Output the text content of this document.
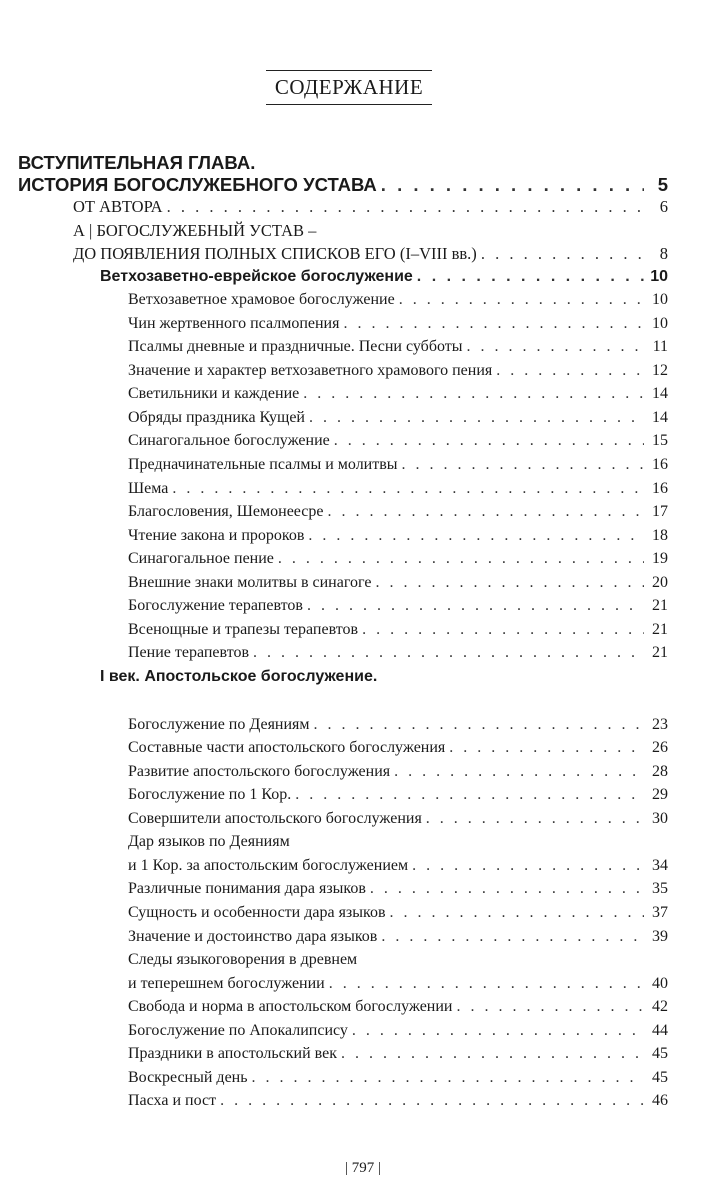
СОДЕРЖАНИЕ
ВСТУПИТЕЛЬНАЯ ГЛАВА.
ИСТОРИЯ БОГОСЛУЖЕБНОГО УСТАВА . . .	5
ОТ АВТОРА . . .	6
А | БОГОСЛУЖЕБНЫЙ УСТАВ –
ДО ПОЯВЛЕНИЯ ПОЛНЫХ СПИСКОВ ЕГО (I–VIII вв.) . . .	8
Ветхозаветно-еврейское богослужение . . .	10
Ветхозаветное храмовое богослужение . . .	10
Чин жертвенного псалмопения . . .	10
Псалмы дневные и праздничные. Песни субботы . . .	11
Значение и характер ветхозаветного храмового пения . . .	12
Светильники и каждение . . .	14
Обряды праздника Кущей . . .	14
Синагогальное богослужение . . .	15
Предначинательные псалмы и молитвы . . .	16
Шема . . .	16
Благословения, Шемонеесре . . .	17
Чтение закона и пророков . . .	18
Синагогальное пение . . .	19
Внешние знаки молитвы в синагоге . . .	20
Богослужение терапевтов . . .	21
Всенощные и трапезы терапевтов . . .	21
Пение терапевтов . . .	21
I век. Апостольское богослужение.
Богослужение по Деяниям . . .	23
Составные части апостольского богослужения . . .	26
Развитие апостольского богослужения . . .	28
Богослужение по 1 Кор. . . .	29
Совершители апостольского богослужения . . .	30
Дар языков по Деяниям
и 1 Кор. за апостольским богослужением . . .	34
Различные понимания дара языков . . .	35
Сущность и особенности дара языков . . .	37
Значение и достоинство дара языков . . .	39
Следы языкоговорения в древнем
и теперешнем богослужении . . .	40
Свобода и норма в апостольском богослужении . . .	42
Богослужение по Апокалипсису . . .	44
Праздники в апостольский век . . .	45
Воскресный день . . .	45
Пасха и пост . . .	46
| 797 |
